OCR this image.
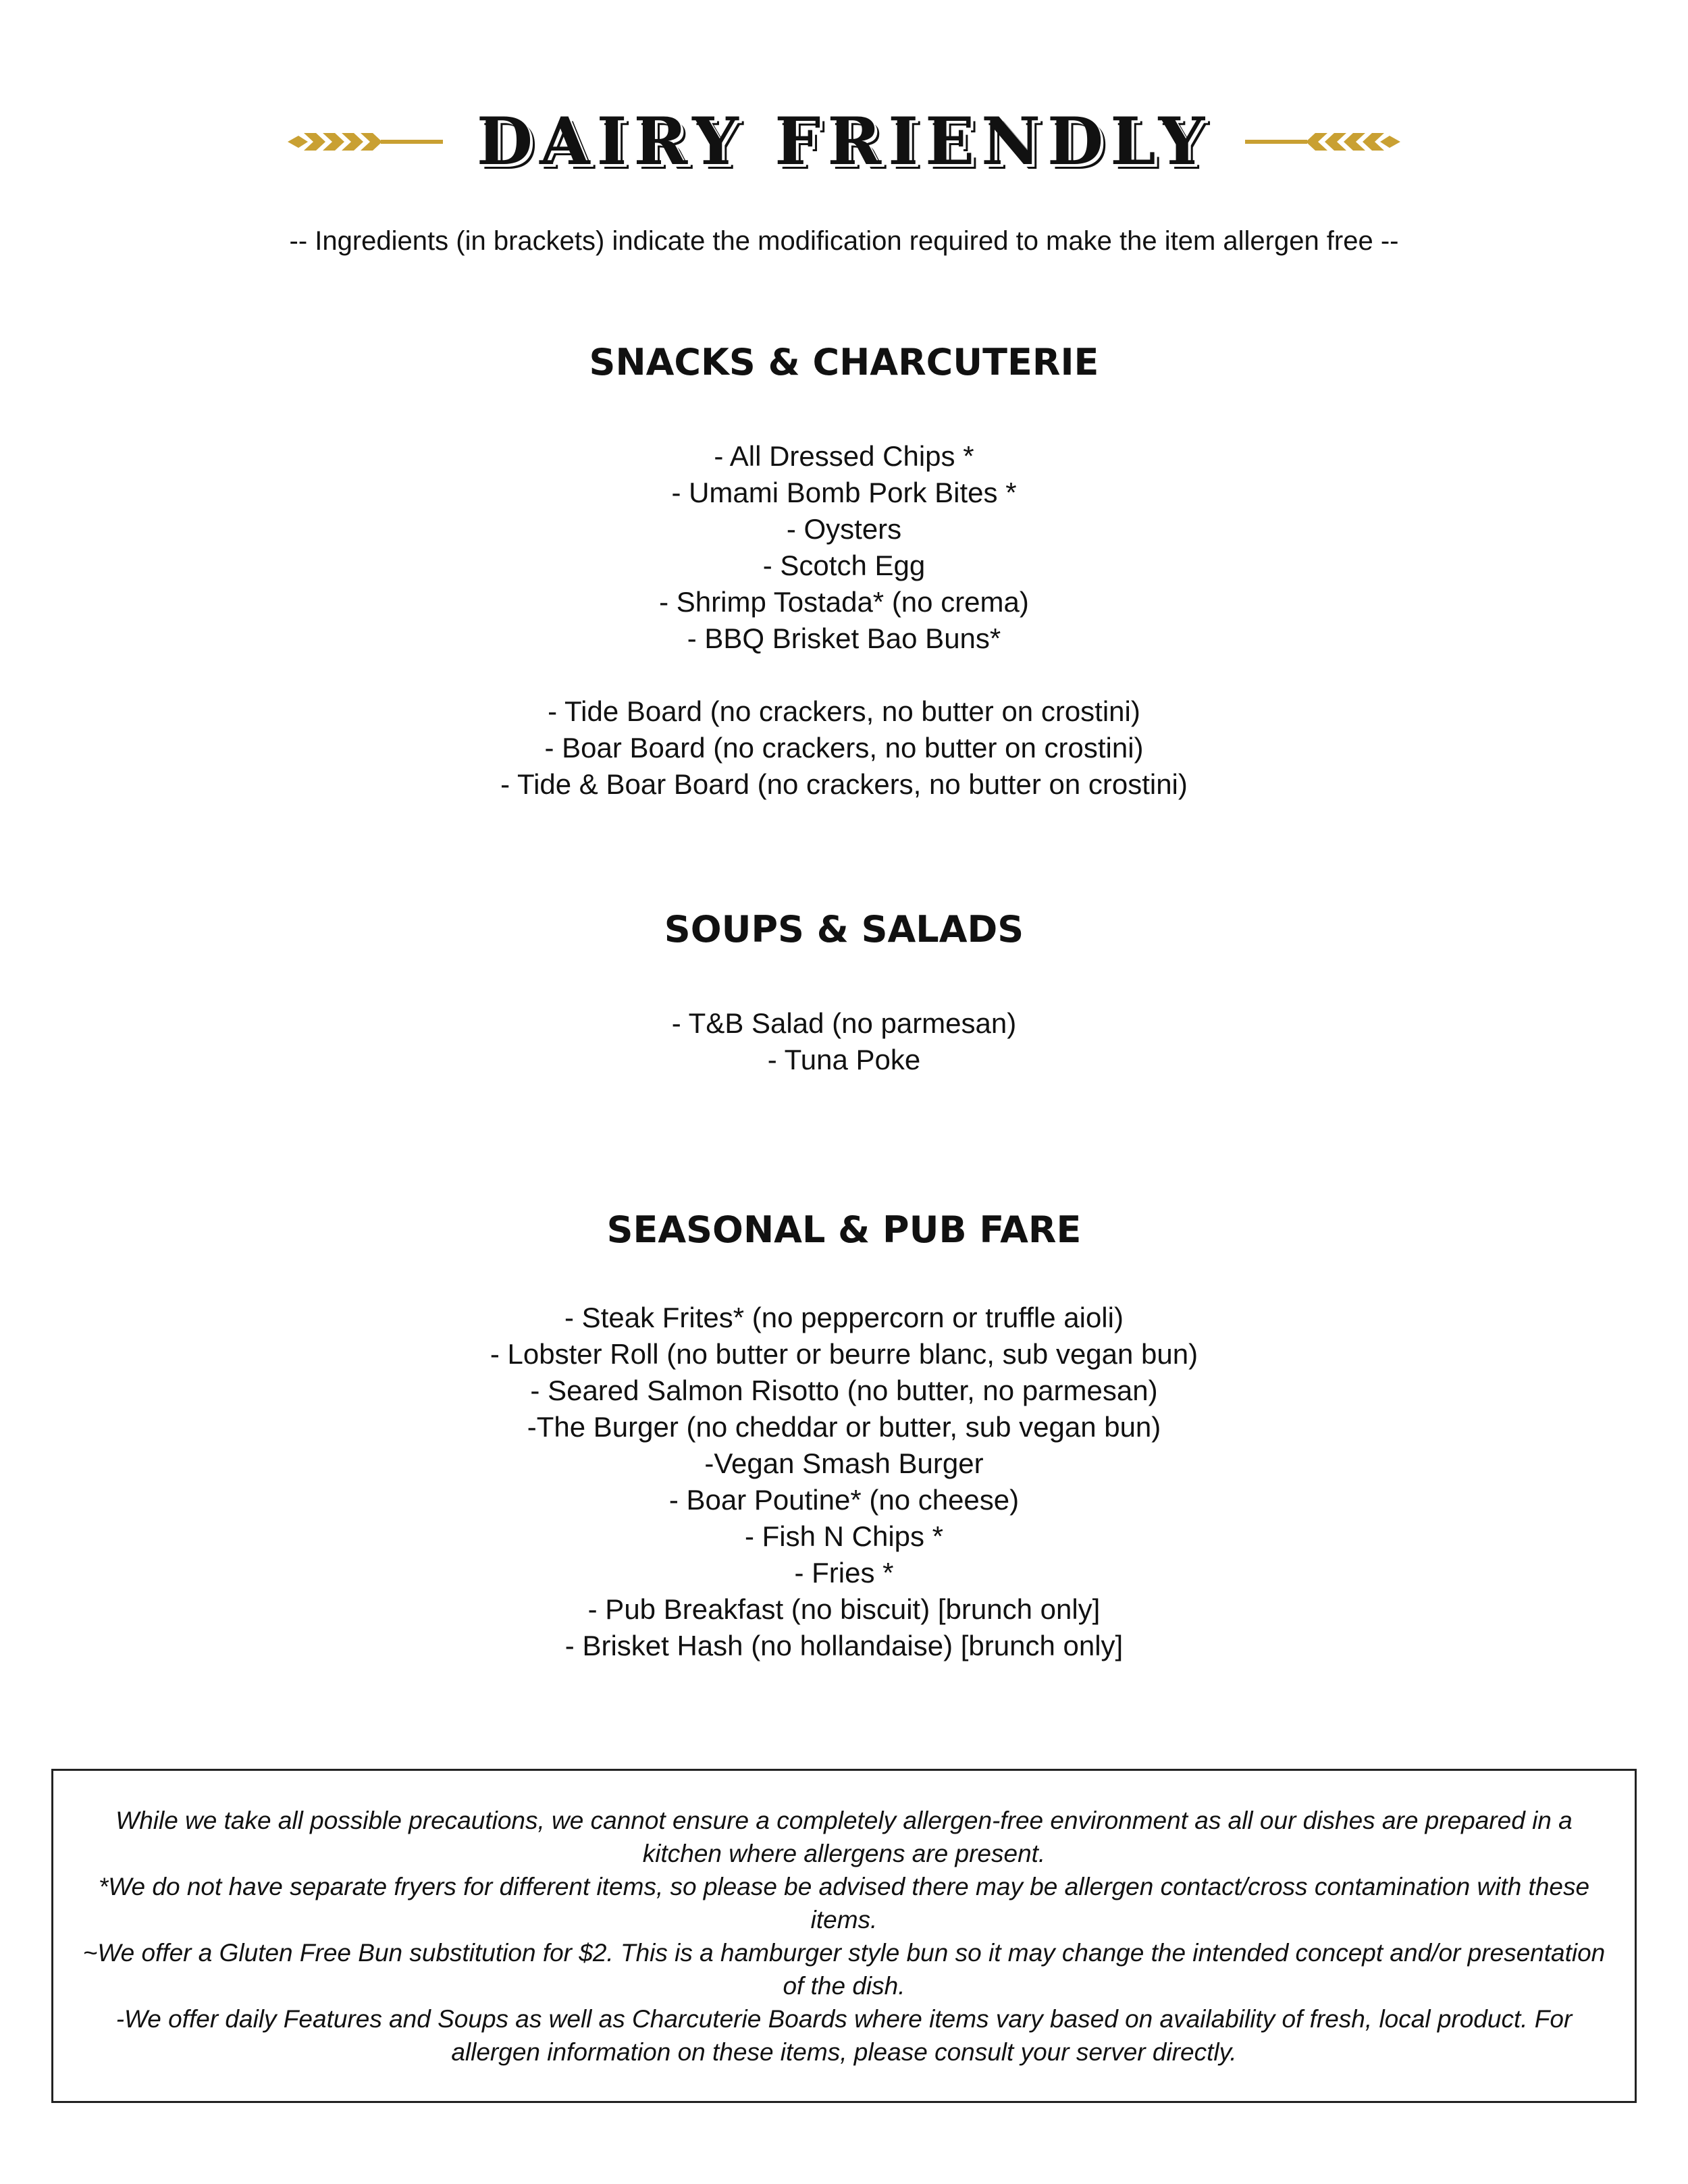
DAIRY FRIENDLY
-- Ingredients (in brackets) indicate the modification required to make the item allergen free --
SNACKS & CHARCUTERIE
- All Dressed Chips *
- Umami Bomb Pork Bites *
- Oysters
- Scotch Egg
- Shrimp Tostada* (no crema)
- BBQ Brisket Bao Buns*
- Tide Board (no crackers, no butter on crostini)
- Boar Board (no crackers, no butter on crostini)
- Tide & Boar Board (no crackers, no butter on crostini)
SOUPS & SALADS
- T&B Salad (no parmesan)
- Tuna Poke
SEASONAL & PUB FARE
- Steak Frites* (no peppercorn or truffle aioli)
- Lobster Roll (no butter or beurre blanc, sub vegan bun)
- Seared Salmon Risotto (no butter, no parmesan)
-The Burger (no cheddar or butter, sub vegan bun)
-Vegan Smash Burger
- Boar Poutine* (no cheese)
- Fish N Chips *
- Fries *
- Pub Breakfast (no biscuit) [brunch only]
- Brisket Hash (no hollandaise) [brunch only]

While we take all possible precautions, we cannot ensure a completely allergen-free environment as all our dishes are prepared in a kitchen where allergens are present.

*We do not have separate fryers for different items, so please be advised there may be allergen contact/cross contamination with these items.

~We offer a Gluten Free Bun substitution for $2. This is a hamburger style bun so it may change the intended concept and/or presentation of the dish.

-We offer daily Features and Soups as well as Charcuterie Boards where items vary based on availability of fresh, local product. For allergen information on these items, please consult your server directly.
